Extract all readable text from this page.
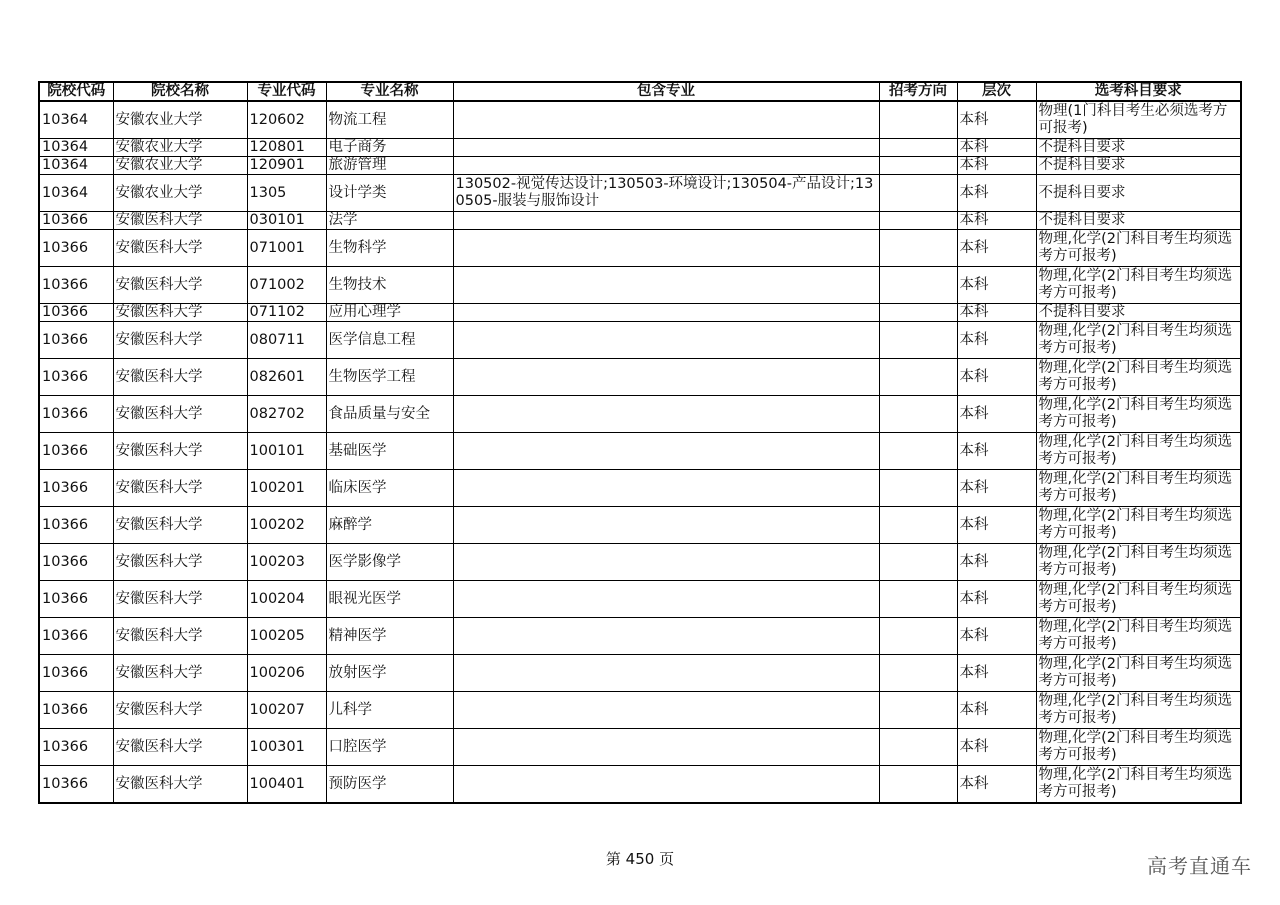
院校代码	院校名称	专业代码	专业名称	包含专业	招考方向	层次	选考科目要求
10364	安徽农业大学	120602	物流工程			本科	物理(1门科目考生必须选考方可报考)
10364	安徽农业大学	120801	电子商务			本科	不提科目要求
10364	安徽农业大学	120901	旅游管理			本科	不提科目要求
10364	安徽农业大学	1305	设计学类	130502-视觉传达设计;130503-环境设计;130504-产品设计;130505-服装与服饰设计		本科	不提科目要求
10366	安徽医科大学	030101	法学			本科	不提科目要求
10366	安徽医科大学	071001	生物科学			本科	物理,化学(2门科目考生均须选考方可报考)
10366	安徽医科大学	071002	生物技术			本科	物理,化学(2门科目考生均须选考方可报考)
10366	安徽医科大学	071102	应用心理学			本科	不提科目要求
10366	安徽医科大学	080711	医学信息工程			本科	物理,化学(2门科目考生均须选考方可报考)
10366	安徽医科大学	082601	生物医学工程			本科	物理,化学(2门科目考生均须选考方可报考)
10366	安徽医科大学	082702	食品质量与安全			本科	物理,化学(2门科目考生均须选考方可报考)
10366	安徽医科大学	100101	基础医学			本科	物理,化学(2门科目考生均须选考方可报考)
10366	安徽医科大学	100201	临床医学			本科	物理,化学(2门科目考生均须选考方可报考)
10366	安徽医科大学	100202	麻醉学			本科	物理,化学(2门科目考生均须选考方可报考)
10366	安徽医科大学	100203	医学影像学			本科	物理,化学(2门科目考生均须选考方可报考)
10366	安徽医科大学	100204	眼视光医学			本科	物理,化学(2门科目考生均须选考方可报考)
10366	安徽医科大学	100205	精神医学			本科	物理,化学(2门科目考生均须选考方可报考)
10366	安徽医科大学	100206	放射医学			本科	物理,化学(2门科目考生均须选考方可报考)
10366	安徽医科大学	100207	儿科学			本科	物理,化学(2门科目考生均须选考方可报考)
10366	安徽医科大学	100301	口腔医学			本科	物理,化学(2门科目考生均须选考方可报考)
10366	安徽医科大学	100401	预防医学			本科	物理,化学(2门科目考生均须选考方可报考)
第 450 页	高考直通车
